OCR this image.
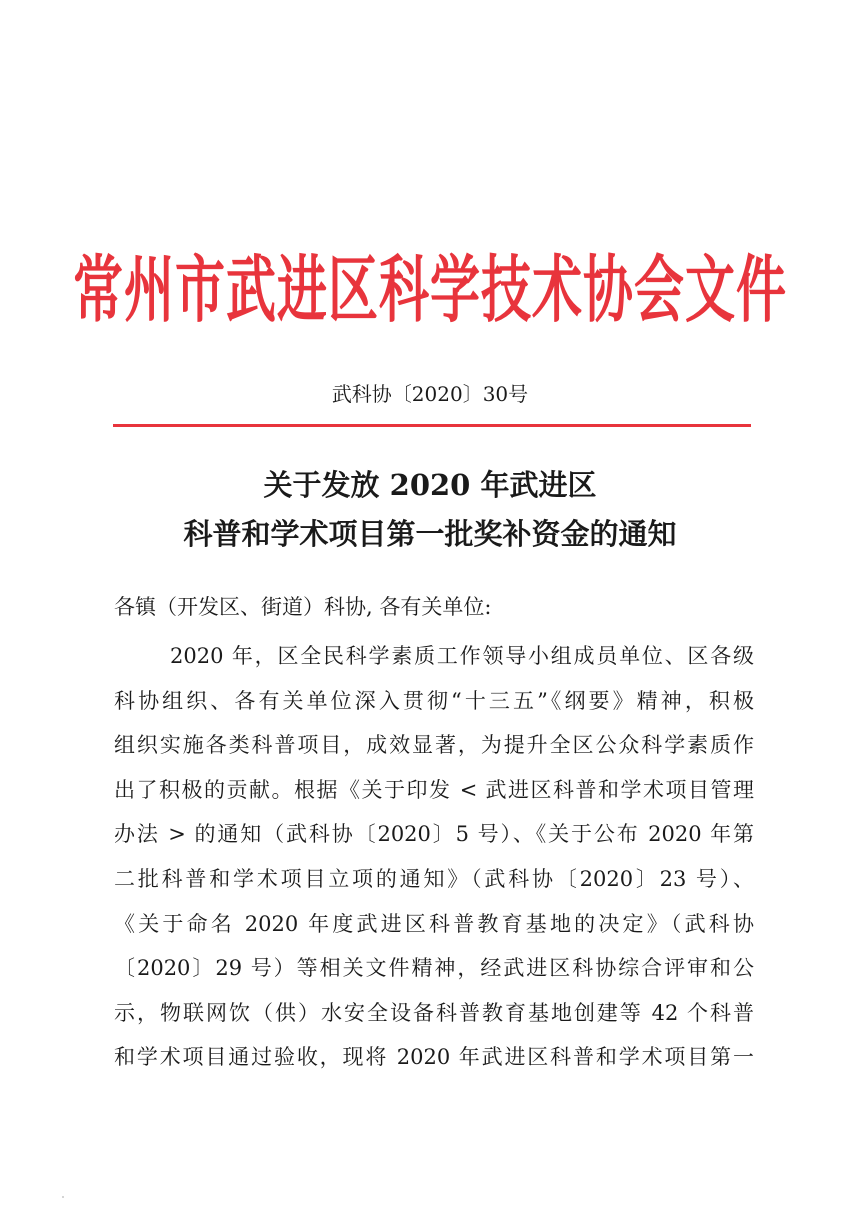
常州市武进区科学技术协会文件
武科协〔2020〕30号
关于发放 2020 年武进区
科普和学术项目第一批奖补资金的通知
各镇（开发区、街道）科协, 各有关单位:
2020 年，区全民科学素质工作领导小组成员单位、区各级
科协组织、各有关单位深入贯彻“十三五”《纲要》精神，积极
组织实施各类科普项目，成效显著，为提升全区公众科学素质作
出了积极的贡献。根据《关于印发 < 武进区科普和学术项目管理
办法 > 的通知（武科协〔2020〕5 号）、《关于公布 2020 年第
二批科普和学术项目立项的通知》（武科协〔2020〕23 号）、
《关于命名 2020 年度武进区科普教育基地的决定》（武科协
〔2020〕29 号）等相关文件精神，经武进区科协综合评审和公
示，物联网饮（供）水安全设备科普教育基地创建等 42 个科普
和学术项目通过验收，现将 2020 年武进区科普和学术项目第一
